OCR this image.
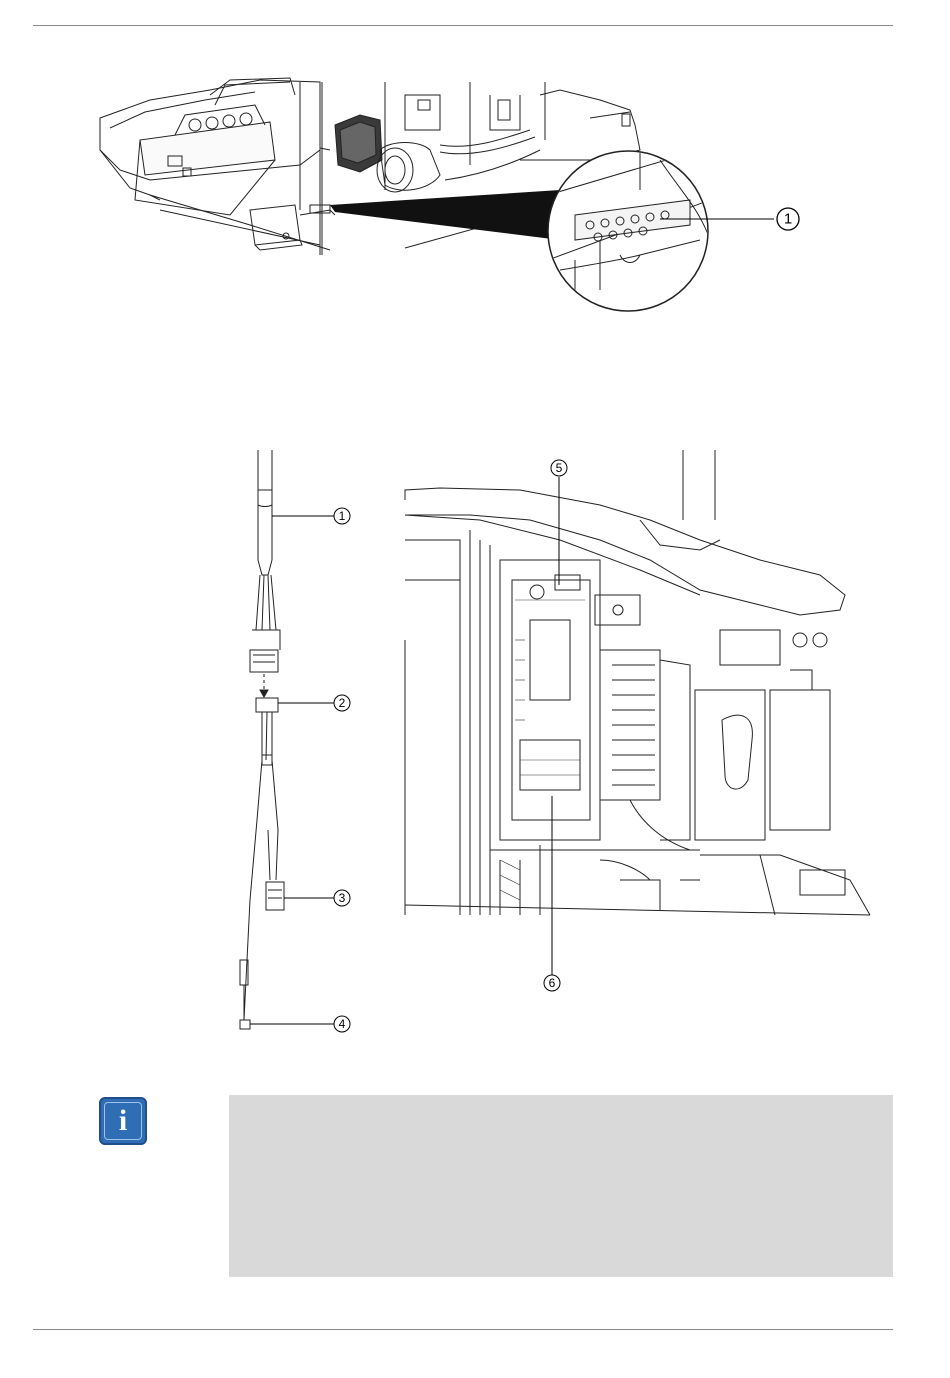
1
1
2
3
4
5
6
i
